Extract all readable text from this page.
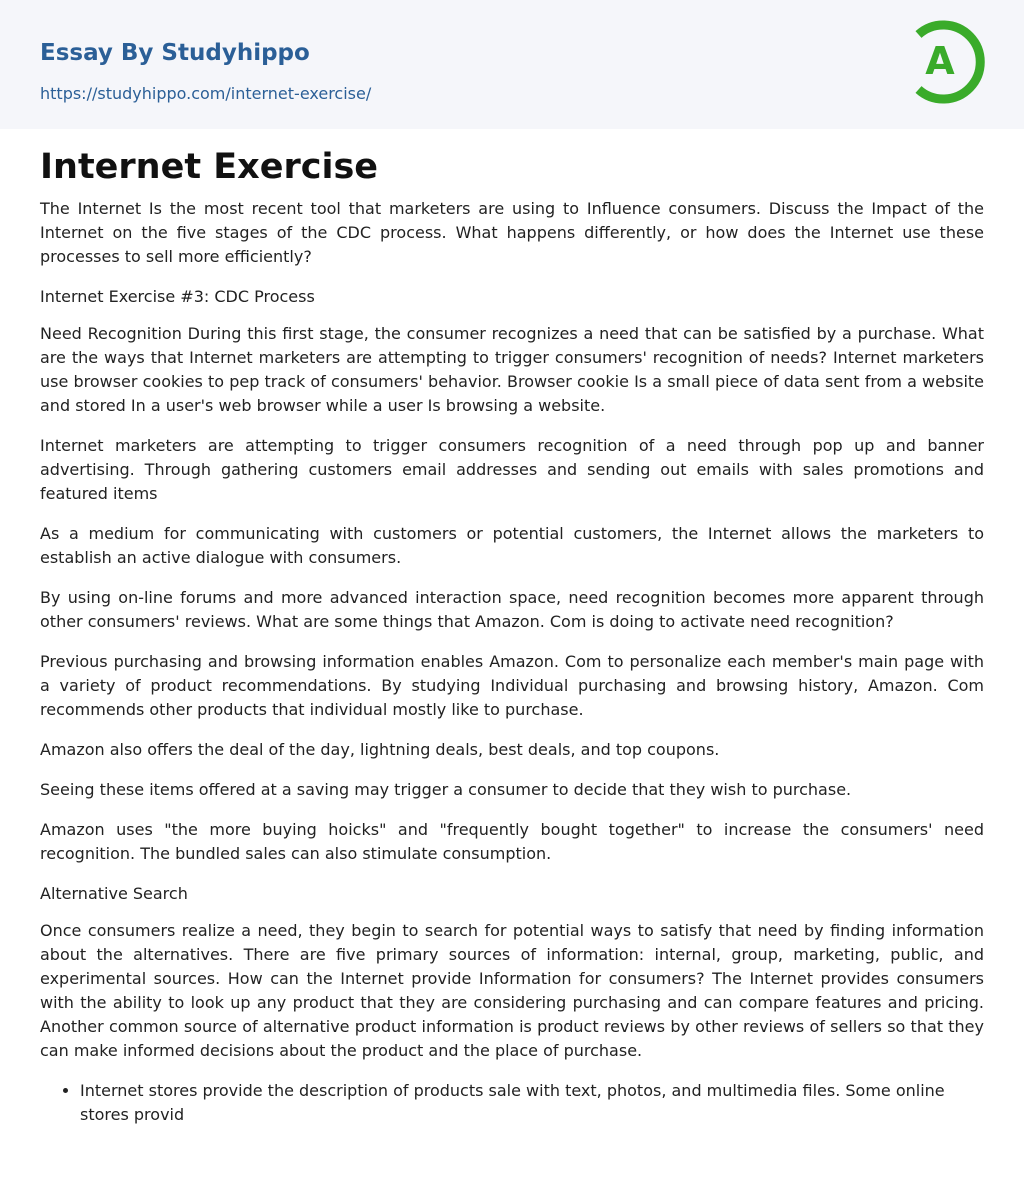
Essay By Studyhippo
https://studyhippo.com/internet-exercise/
A
Internet Exercise

The Internet Is the most recent tool that marketers are using to Influence consumers. Discuss the Impact of the Internet on the five stages of the CDC process. What happens differently, or how does the Internet use these processes to sell more efficiently?

Internet Exercise #3: CDC Process

Need Recognition During this first stage, the consumer recognizes a need that can be satisfied by a purchase. What are the ways that Internet marketers are attempting to trigger consumers' recognition of needs? Internet marketers use browser cookies to pep track of consumers' behavior. Browser cookie Is a small piece of data sent from a website and stored In a user's web browser while a user Is browsing a website.

Internet marketers are attempting to trigger consumers recognition of a need through pop up and banner advertising. Through gathering customers email addresses and sending out emails with sales promotions and featured items

As a medium for communicating with customers or potential customers, the Internet allows the marketers to establish an active dialogue with consumers.

By using on-line forums and more advanced interaction space, need recognition becomes more apparent through other consumers' reviews. What are some things that Amazon. Com is doing to activate need recognition?

Previous purchasing and browsing information enables Amazon. Com to personalize each member's main page with a variety of product recommendations. By studying Individual purchasing and browsing history, Amazon. Com recommends other products that individual mostly like to purchase.

Amazon also offers the deal of the day, lightning deals, best deals, and top coupons.

Seeing these items offered at a saving may trigger a consumer to decide that they wish to purchase.

Amazon uses "the more buying hoicks" and "frequently bought together" to increase the consumers' need recognition. The bundled sales can also stimulate consumption.

Alternative Search

Once consumers realize a need, they begin to search for potential ways to satisfy that need by finding information about the alternatives. There are five primary sources of information: internal, group, marketing, public, and experimental sources. How can the Internet provide Information for consumers? The Internet provides consumers with the ability to look up any product that they are considering purchasing and can compare features and pricing. Another common source of alternative product information is product reviews by other reviews of sellers so that they can make informed decisions about the product and the place of purchase.

• Internet stores provide the description of products sale with text, photos, and multimedia files. Some online stores provid
